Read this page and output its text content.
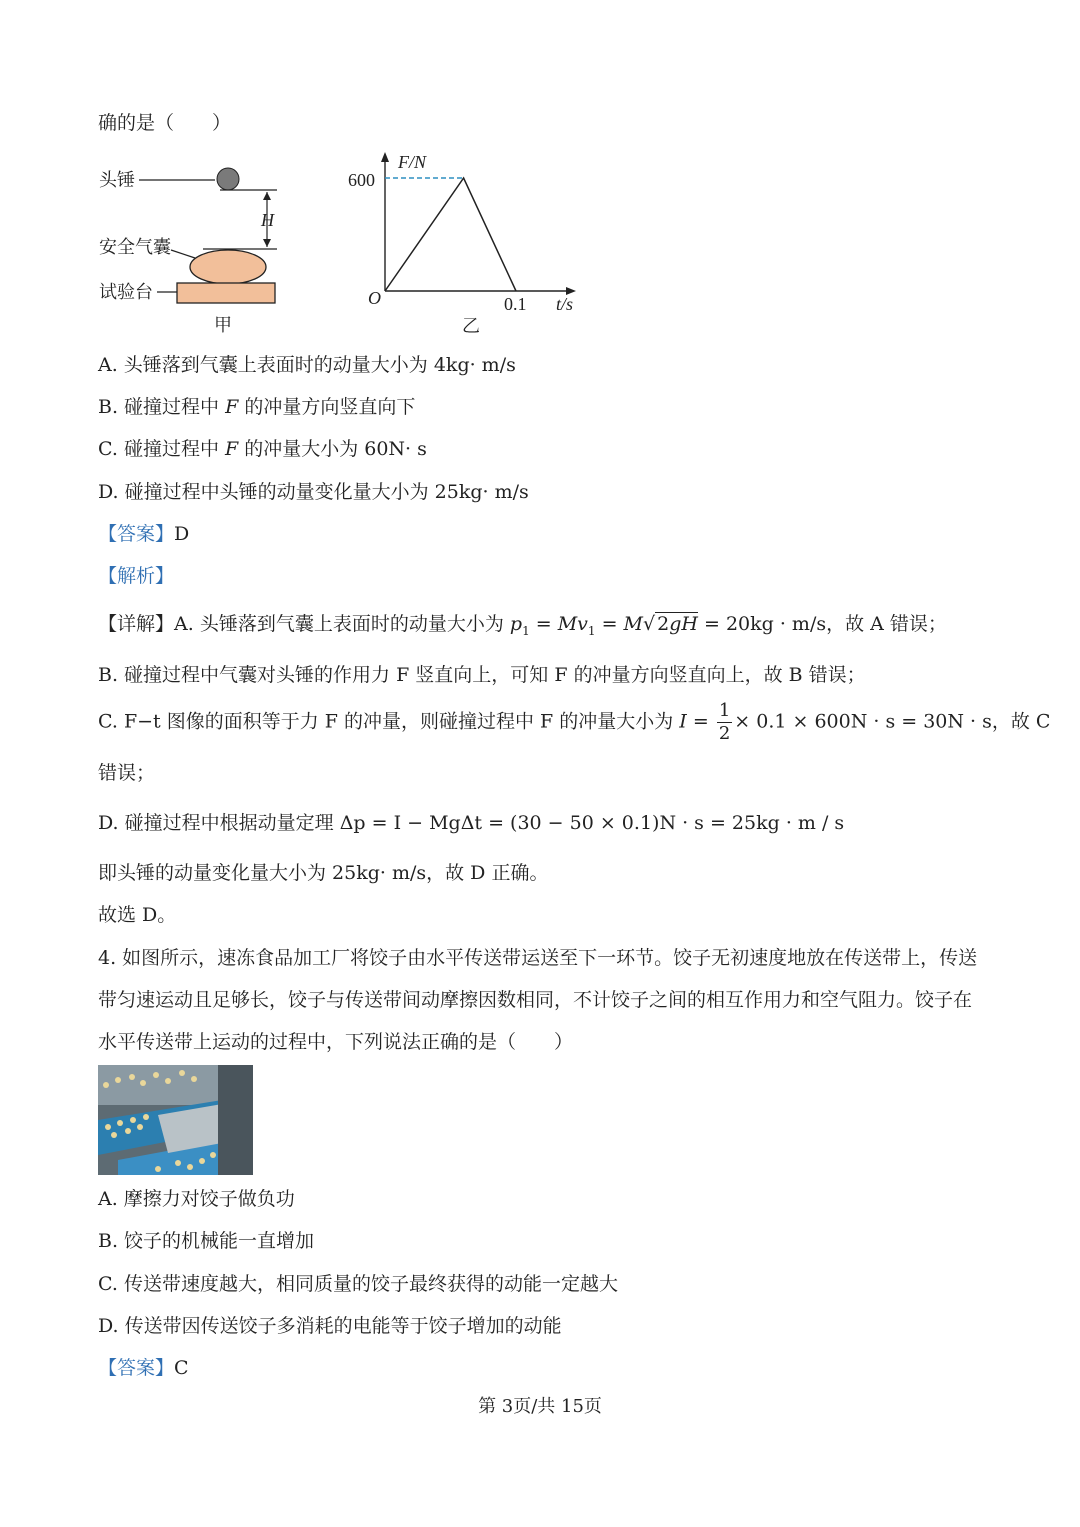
确的是（　　）
头锤
H
安全气囊
试验台
甲
F/N
t/s
O
600
0.1
乙
A. 头锤落到气囊上表面时的动量大小为 4kg· m/s
B. 碰撞过程中 F 的冲量方向竖直向下
C. 碰撞过程中 F 的冲量大小为 60N· s
D. 碰撞过程中头锤的动量变化量大小为 25kg· m/s
【答案】D
【解析】
【详解】A. 头锤落到气囊上表面时的动量大小为 $p_1 = Mv_1 = M√$ 2gH = 20kg · m/s，故 A 错误；
B. 碰撞过程中气囊对头锤的作用力 F 竖直向上，可知 F 的冲量方向竖直向上，故 B 错误；
C. F−t 图像的面积等于力 F 的冲量，则碰撞过程中 F 的冲量大小为 $I = \frac{1}{2} \times 0.1 \times 600N \cdot s = 30N \cdot s$，故 C
错误；
D. 碰撞过程中根据动量定理 Δp = I − MgΔt = (30 − 50 × 0.1)N · s = 25kg · m / s
即头锤的动量变化量大小为 25kg· m/s，故 D 正确。
故选 D。
4. 如图所示，速冻食品加工厂将饺子由水平传送带运送至下一环节。饺子无初速度地放在传送带上，传送
带匀速运动且足够长，饺子与传送带间动摩擦因数相同，不计饺子之间的相互作用力和空气阻力。饺子在
水平传送带上运动的过程中，下列说法正确的是（　　）
A. 摩擦力对饺子做负功
B. 饺子的机械能一直增加
C. 传送带速度越大，相同质量的饺子最终获得的动能一定越大
D. 传送带因传送饺子多消耗的电能等于饺子增加的动能
【答案】C
第 3页/共 15页
